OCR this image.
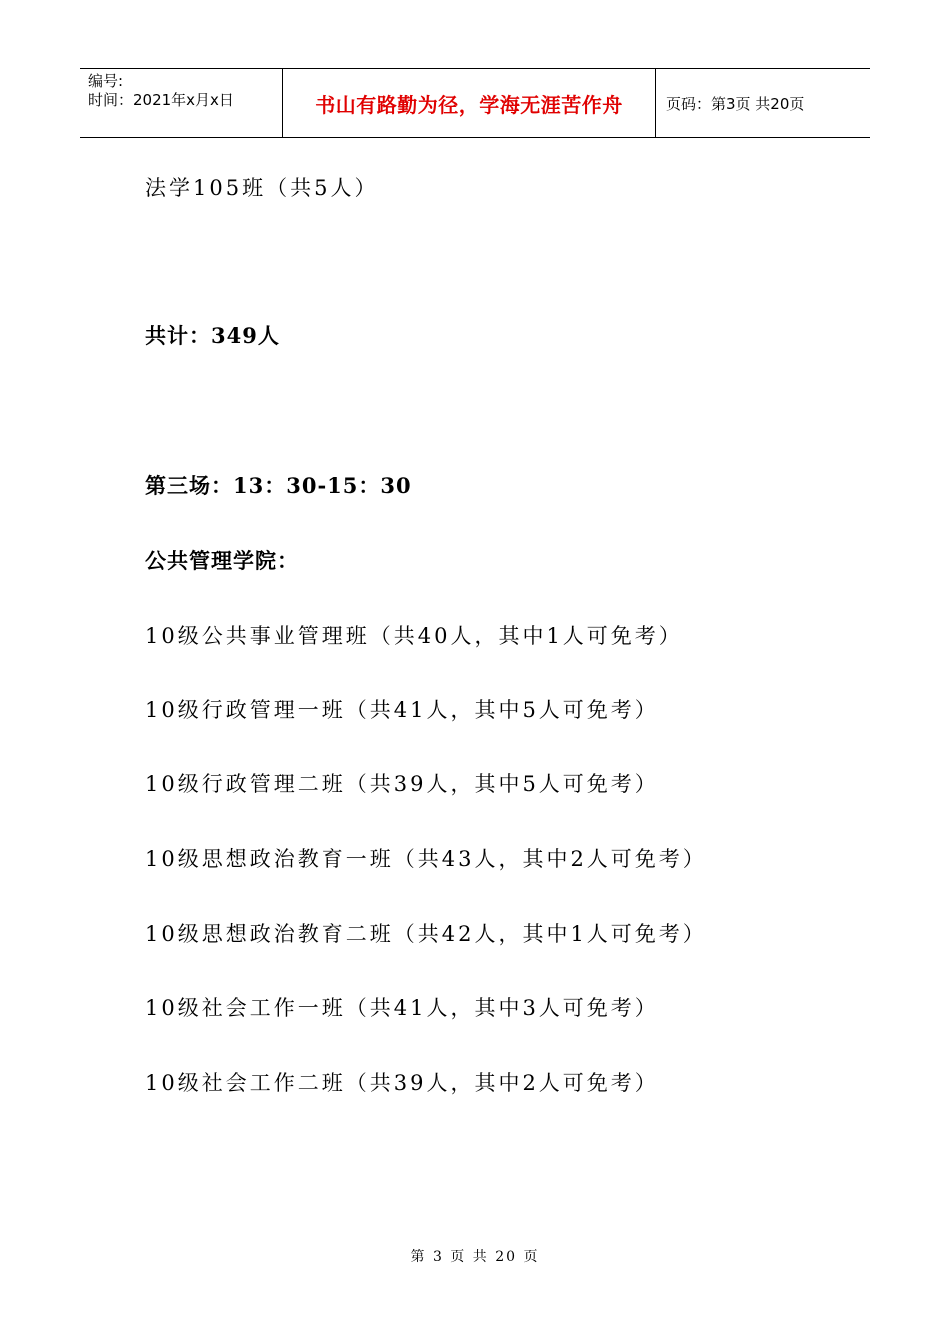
编号:
时间：2021年x月x日	书山有路勤为径，学海无涯苦作舟	页码：第3页 共20页
法学105班（共5人）
共计：349人
第三场：13：30-15：30
公共管理学院：
10级公共事业管理班（共40人，其中1人可免考）
10级行政管理一班（共41人，其中5人可免考）
10级行政管理二班（共39人，其中5人可免考）
10级思想政治教育一班（共43人，其中2人可免考）
10级思想政治教育二班（共42人，其中1人可免考）
10级社会工作一班（共41人，其中3人可免考）
10级社会工作二班（共39人，其中2人可免考）
第 3 页 共 20 页
